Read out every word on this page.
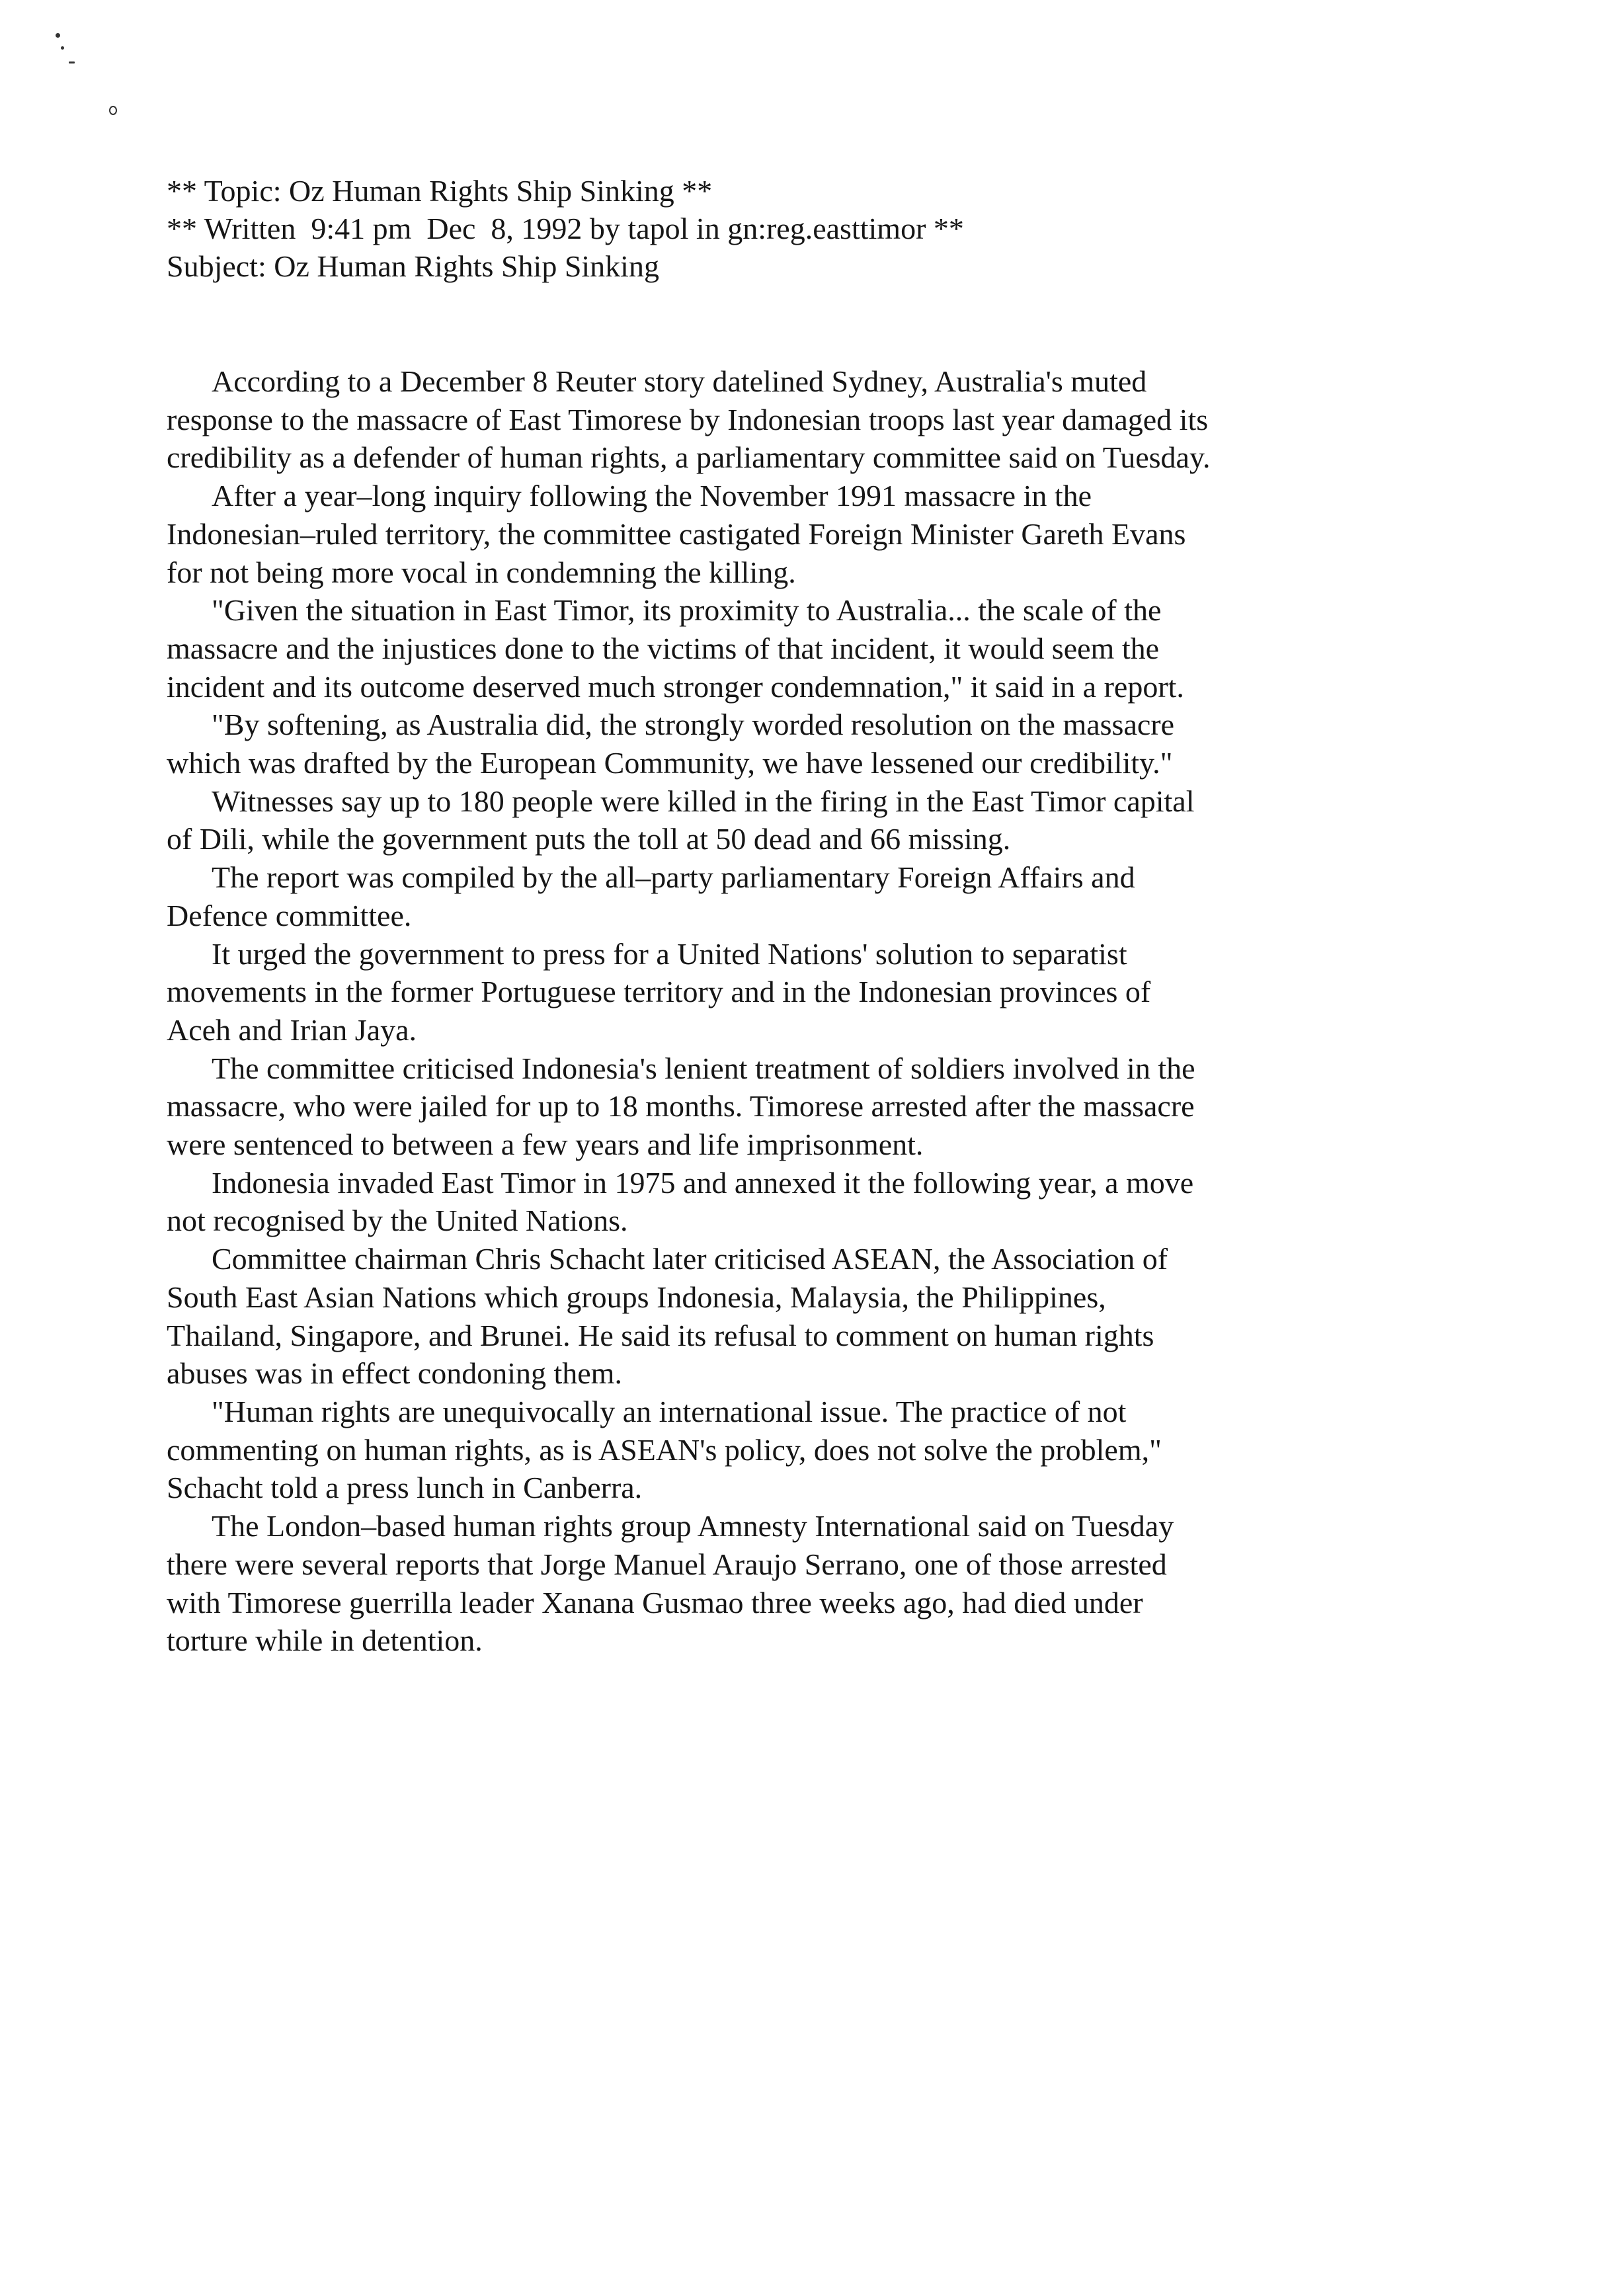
** Topic: Oz Human Rights Ship Sinking **

** Written  9:41 pm  Dec  8, 1992 by tapol in gn:reg.easttimor **

Subject: Oz Human Rights Ship Sinking

According to a December 8 Reuter story datelined Sydney, Australia's muted response to the massacre of East Timorese by Indonesian troops last year damaged its credibility as a defender of human rights, a parliamentary committee said on Tuesday.

After a year–long inquiry following the November 1991 massacre in the Indonesian–ruled territory, the committee castigated Foreign Minister Gareth Evans for not being more vocal in condemning the killing.

"Given the situation in East Timor, its proximity to Australia... the scale of the massacre and the injustices done to the victims of that incident, it would seem the incident and its outcome deserved much stronger condemnation," it said in a report.

"By softening, as Australia did, the strongly worded resolution on the massacre which was drafted by the European Community, we have lessened our credibility."

Witnesses say up to 180 people were killed in the firing in the East Timor capital of Dili, while the government puts the toll at 50 dead and 66 missing.

The report was compiled by the all–party parliamentary Foreign Affairs and Defence committee.

It urged the government to press for a United Nations' solution to separatist movements in the former Portuguese territory and in the Indonesian provinces of Aceh and Irian Jaya.

The committee criticised Indonesia's lenient treatment of soldiers involved in the massacre, who were jailed for up to 18 months. Timorese arrested after the massacre were sentenced to between a few years and life imprisonment.

Indonesia invaded East Timor in 1975 and annexed it the following year, a move not recognised by the United Nations.

Committee chairman Chris Schacht later criticised ASEAN, the Association of South East Asian Nations which groups Indonesia, Malaysia, the Philippines, Thailand, Singapore, and Brunei. He said its refusal to comment on human rights abuses was in effect condoning them.

"Human rights are unequivocally an international issue. The practice of not commenting on human rights, as is ASEAN's policy, does not solve the problem," Schacht told a press lunch in Canberra.

The London–based human rights group Amnesty International said on Tuesday there were several reports that Jorge Manuel Araujo Serrano, one of those arrested with Timorese guerrilla leader Xanana Gusmao three weeks ago, had died under torture while in detention.
